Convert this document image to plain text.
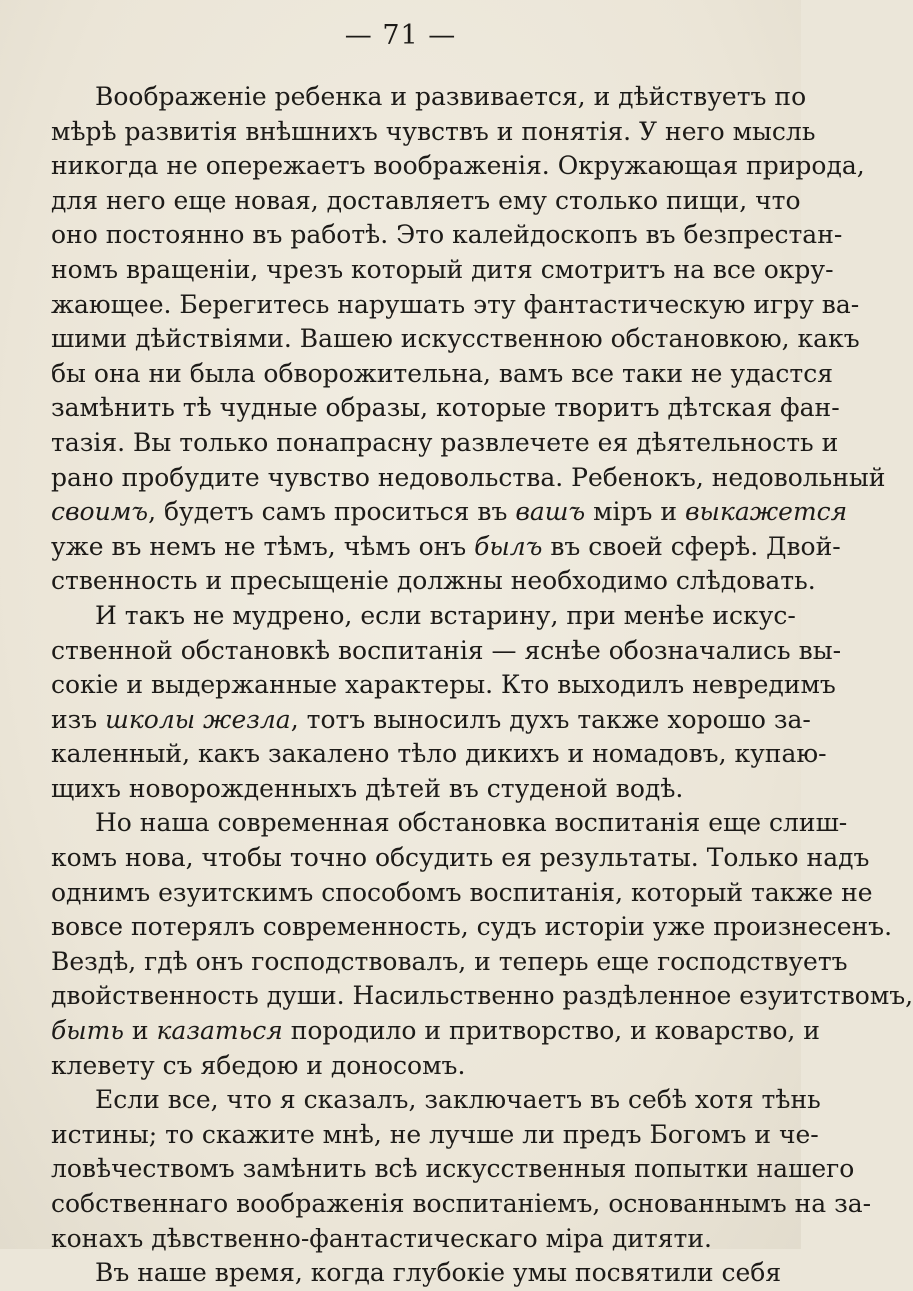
— 71 —
Воображеніе ребенка и развивается, и дѣйствуетъ по
мѣрѣ развитія внѣшнихъ чувствъ и понятія. У него мысль
никогда не опережаетъ воображенія. Окружающая природа,
для него еще новая, доставляетъ ему столько пищи, что
оно постоянно въ работѣ. Это калейдоскопъ въ безпрестан-
номъ вращеніи, чрезъ который дитя смотритъ на все окру-
жающее. Берегитесь нарушать эту фантастическую игру ва-
шими дѣйствіями. Вашею искусственною обстановкою, какъ
бы она ни была обворожительна, вамъ все таки не удастся
замѣнить тѣ чудные образы, которые творитъ дѣтская фан-
тазія. Вы только понапрасну развлечете ея дѣятельность и
рано пробудите чувство недовольства. Ребенокъ, недовольный
своимъ, будетъ самъ проситься въ вашъ міръ и выкажется
уже въ немъ не тѣмъ, чѣмъ онъ былъ въ своей сферѣ. Двой-
ственность и пресыщеніе должны необходимо слѣдовать.
И такъ не мудрено, если встарину, при менѣе искус-
ственной обстановкѣ воспитанія — яснѣе обозначались вы-
сокіе и выдержанные характеры. Кто выходилъ невредимъ
изъ школы жезла, тотъ выносилъ духъ также хорошо за-
каленный, какъ закалено тѣло дикихъ и номадовъ, купаю-
щихъ новорожденныхъ дѣтей въ студеной водѣ.
Но наша современная обстановка воспитанія еще слиш-
комъ нова, чтобы точно обсудить ея результаты. Только надъ
однимъ езуитскимъ способомъ воспитанія, который также не
вовсе потерялъ современность, судъ исторіи уже произнесенъ.
Вездѣ, гдѣ онъ господствовалъ, и теперь еще господствуетъ
двойственность души. Насильственно раздѣленное езуитствомъ,
быть и казаться породило и притворство, и коварство, и
клевету съ ябедою и доносомъ.
Если все, что я сказалъ, заключаетъ въ себѣ хотя тѣнь
истины; то скажите мнѣ, не лучше ли предъ Богомъ и че-
ловѣчествомъ замѣнить всѣ искусственныя попытки нашего
собственнаго воображенія воспитаніемъ, основаннымъ на за-
конахъ дѣвственно-фантастическаго міра дитяти.
Въ наше время, когда глубокіе умы посвятили себя
